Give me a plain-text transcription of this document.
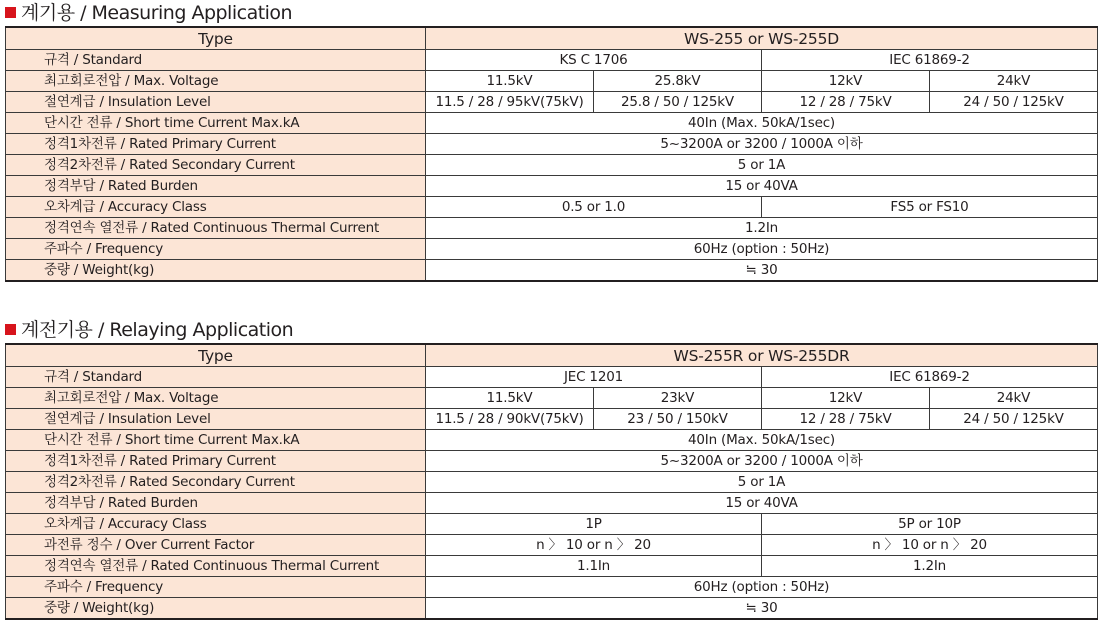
계기용 / Measuring Application
Type	WS-255 or WS-255D			
규격 / Standard	KS C 1706		IEC 61869-2	
최고회로전압 / Max. Voltage	11.5kV	25.8kV	12kV	24kV
절연계급 / Insulation Level	11.5 / 28 / 95kV(75kV)	25.8 / 50 / 125kV	12 / 28 / 75kV	24 / 50 / 125kV
단시간 전류 / Short time Current Max.kA	40In (Max. 50kA/1sec)			
정격1차전류 / Rated Primary Current	5~3200A or 3200 / 1000A 이하			
정격2차전류 / Rated Secondary Current	5 or 1A			
정격부담 / Rated Burden	15 or 40VA			
오차계급 / Accuracy Class	0.5 or 1.0		FS5 or FS10	
정격연속 열전류 / Rated Continuous Thermal Current	1.2In			
주파수 / Frequency	60Hz (option : 50Hz)			
중량 / Weight(kg)	≒ 30			
계전기용 / Relaying Application
Type	WS-255R or WS-255DR			
규격 / Standard	JEC 1201		IEC 61869-2	
최고회로전압 / Max. Voltage	11.5kV	23kV	12kV	24kV
절연계급 / Insulation Level	11.5 / 28 / 90kV(75kV)	23 / 50 / 150kV	12 / 28 / 75kV	24 / 50 / 125kV
단시간 전류 / Short time Current Max.kA	40In (Max. 50kA/1sec)			
정격1차전류 / Rated Primary Current	5~3200A or 3200 / 1000A 이하			
정격2차전류 / Rated Secondary Current	5 or 1A			
정격부담 / Rated Burden	15 or 40VA			
오차계급 / Accuracy Class	1P		5P or 10P	
과전류 정수 / Over Current Factor	n 〉 10 or n 〉 20		n 〉 10 or n 〉 20	
정격연속 열전류 / Rated Continuous Thermal Current	1.1In		1.2In	
주파수 / Frequency	60Hz (option : 50Hz)			
중량 / Weight(kg)	≒ 30			
